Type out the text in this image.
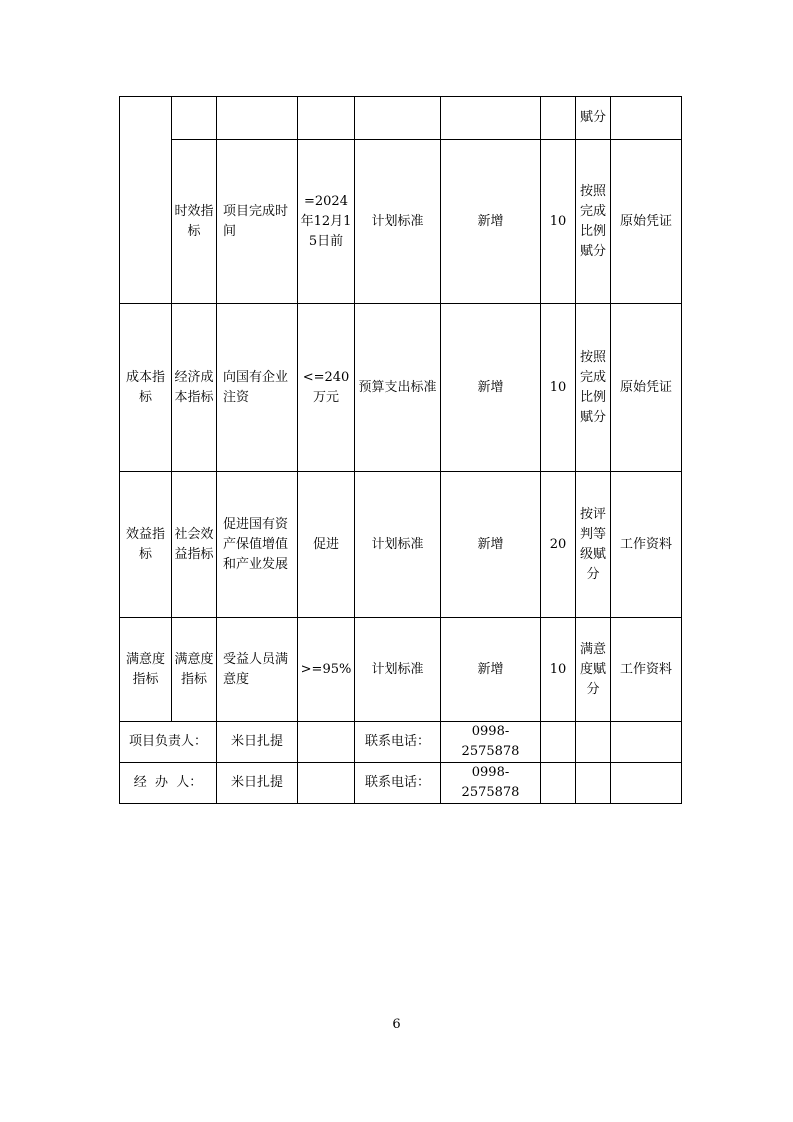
							赋分	
	时效指标	项目完成时间	=2024年12月15日前	计划标准	新增	10	按照完成比例赋分	原始凭证
成本指标	经济成本指标	向国有企业注资	<=240万元	预算支出标准	新增	10	按照完成比例赋分	原始凭证
效益指标	社会效益指标	促进国有资产保值增值和产业发展	促进	计划标准	新增	20	按评判等级赋分	工作资料
满意度指标	满意度指标	受益人员满意度	>=95%	计划标准	新增	10	满意度赋分	工作资料
项目负责人：		米日扎提		联系电话：	0998-2575878			
经  办  人：		米日扎提		联系电话：	0998-2575878			
6
